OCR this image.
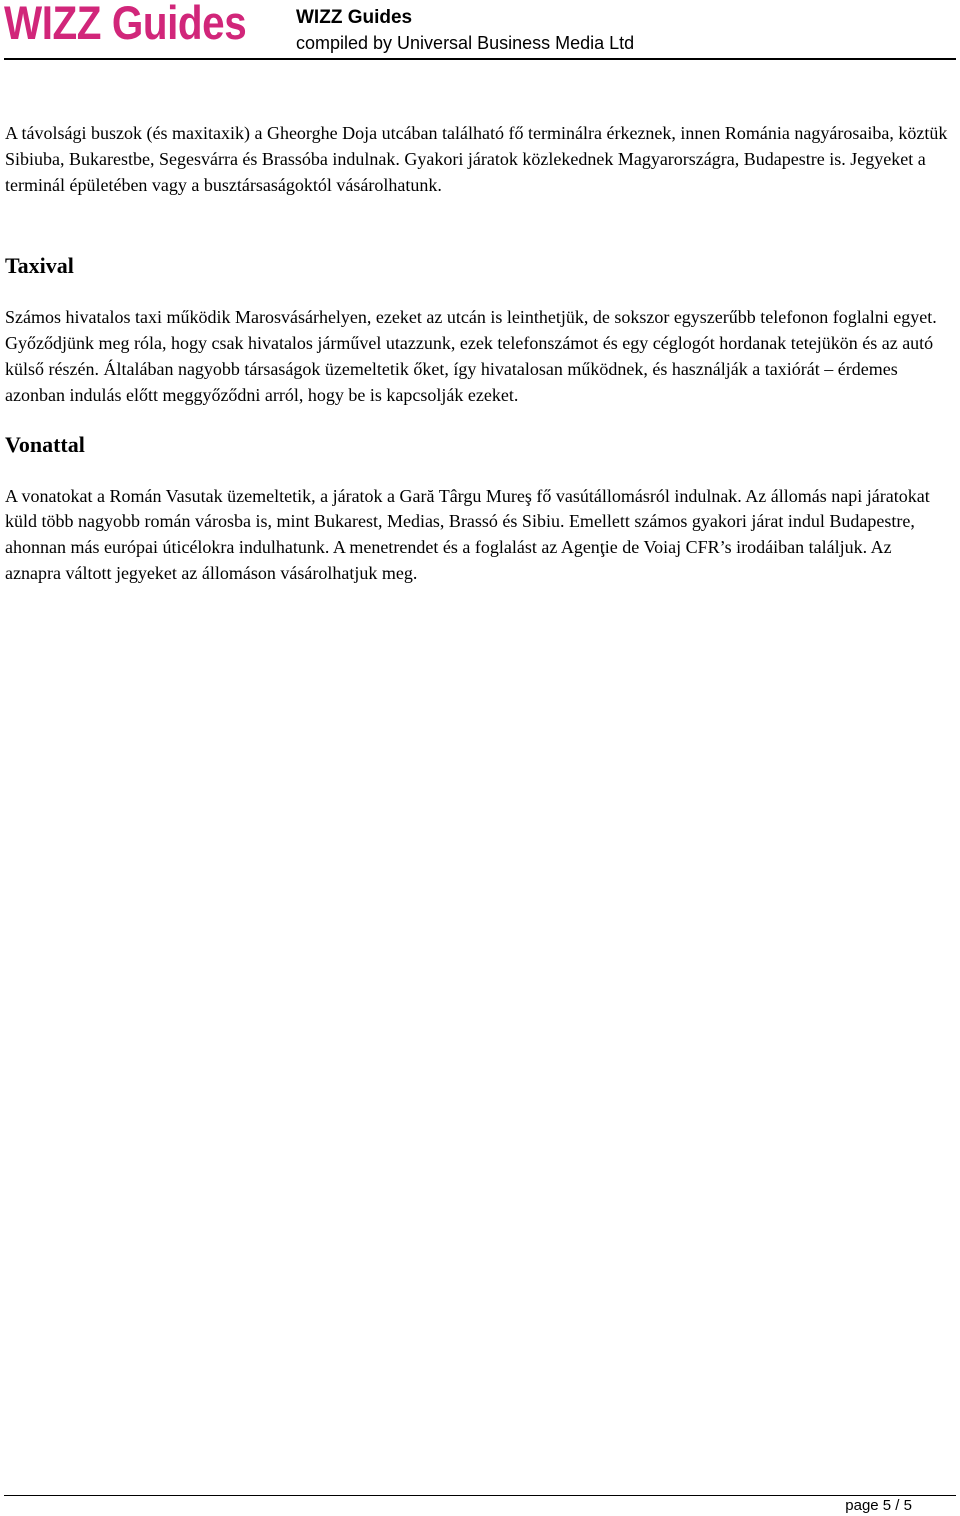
WIZZ Guides	WIZZ Guides
compiled by Universal Business Media Ltd

A távolsági buszok (és maxitaxik) a Gheorghe Doja utcában található fő terminálra érkeznek, innen Románia nagyárosaiba, köztük Sibiuba, Bukarestbe, Segesvárra és Brassóba indulnak. Gyakori járatok közlekednek Magyarországra, Budapestre is. Jegyeket a terminál épületében vagy a busztársaságoktól vásárolhatunk.

Taxival

Számos hivatalos taxi működik Marosvásárhelyen, ezeket az utcán is leinthetjük, de sokszor egyszerűbb telefonon foglalni egyet. Győződjünk meg róla, hogy csak hivatalos járművel utazzunk, ezek telefonszámot és egy céglogót hordanak tetejükön és az autó külső részén. Általában nagyobb társaságok üzemeltetik őket, így hivatalosan működnek, és használják a taxiórát – érdemes azonban indulás előtt meggyőződni arról, hogy be is kapcsolják ezeket.

Vonattal

A vonatokat a Román Vasutak üzemeltetik, a járatok a Gară Târgu Mureş fő vasútállomásról indulnak. Az állomás napi járatokat küld több nagyobb román városba is, mint Bukarest, Medias, Brassó és Sibiu. Emellett számos gyakori járat indul Budapestre, ahonnan más európai úticélokra indulhatunk. A menetrendet és a foglalást az Agenţie de Voiaj CFR’s irodáiban találjuk. Az aznapra váltott jegyeket az állomáson vásárolhatjuk meg.

page 5 / 5
